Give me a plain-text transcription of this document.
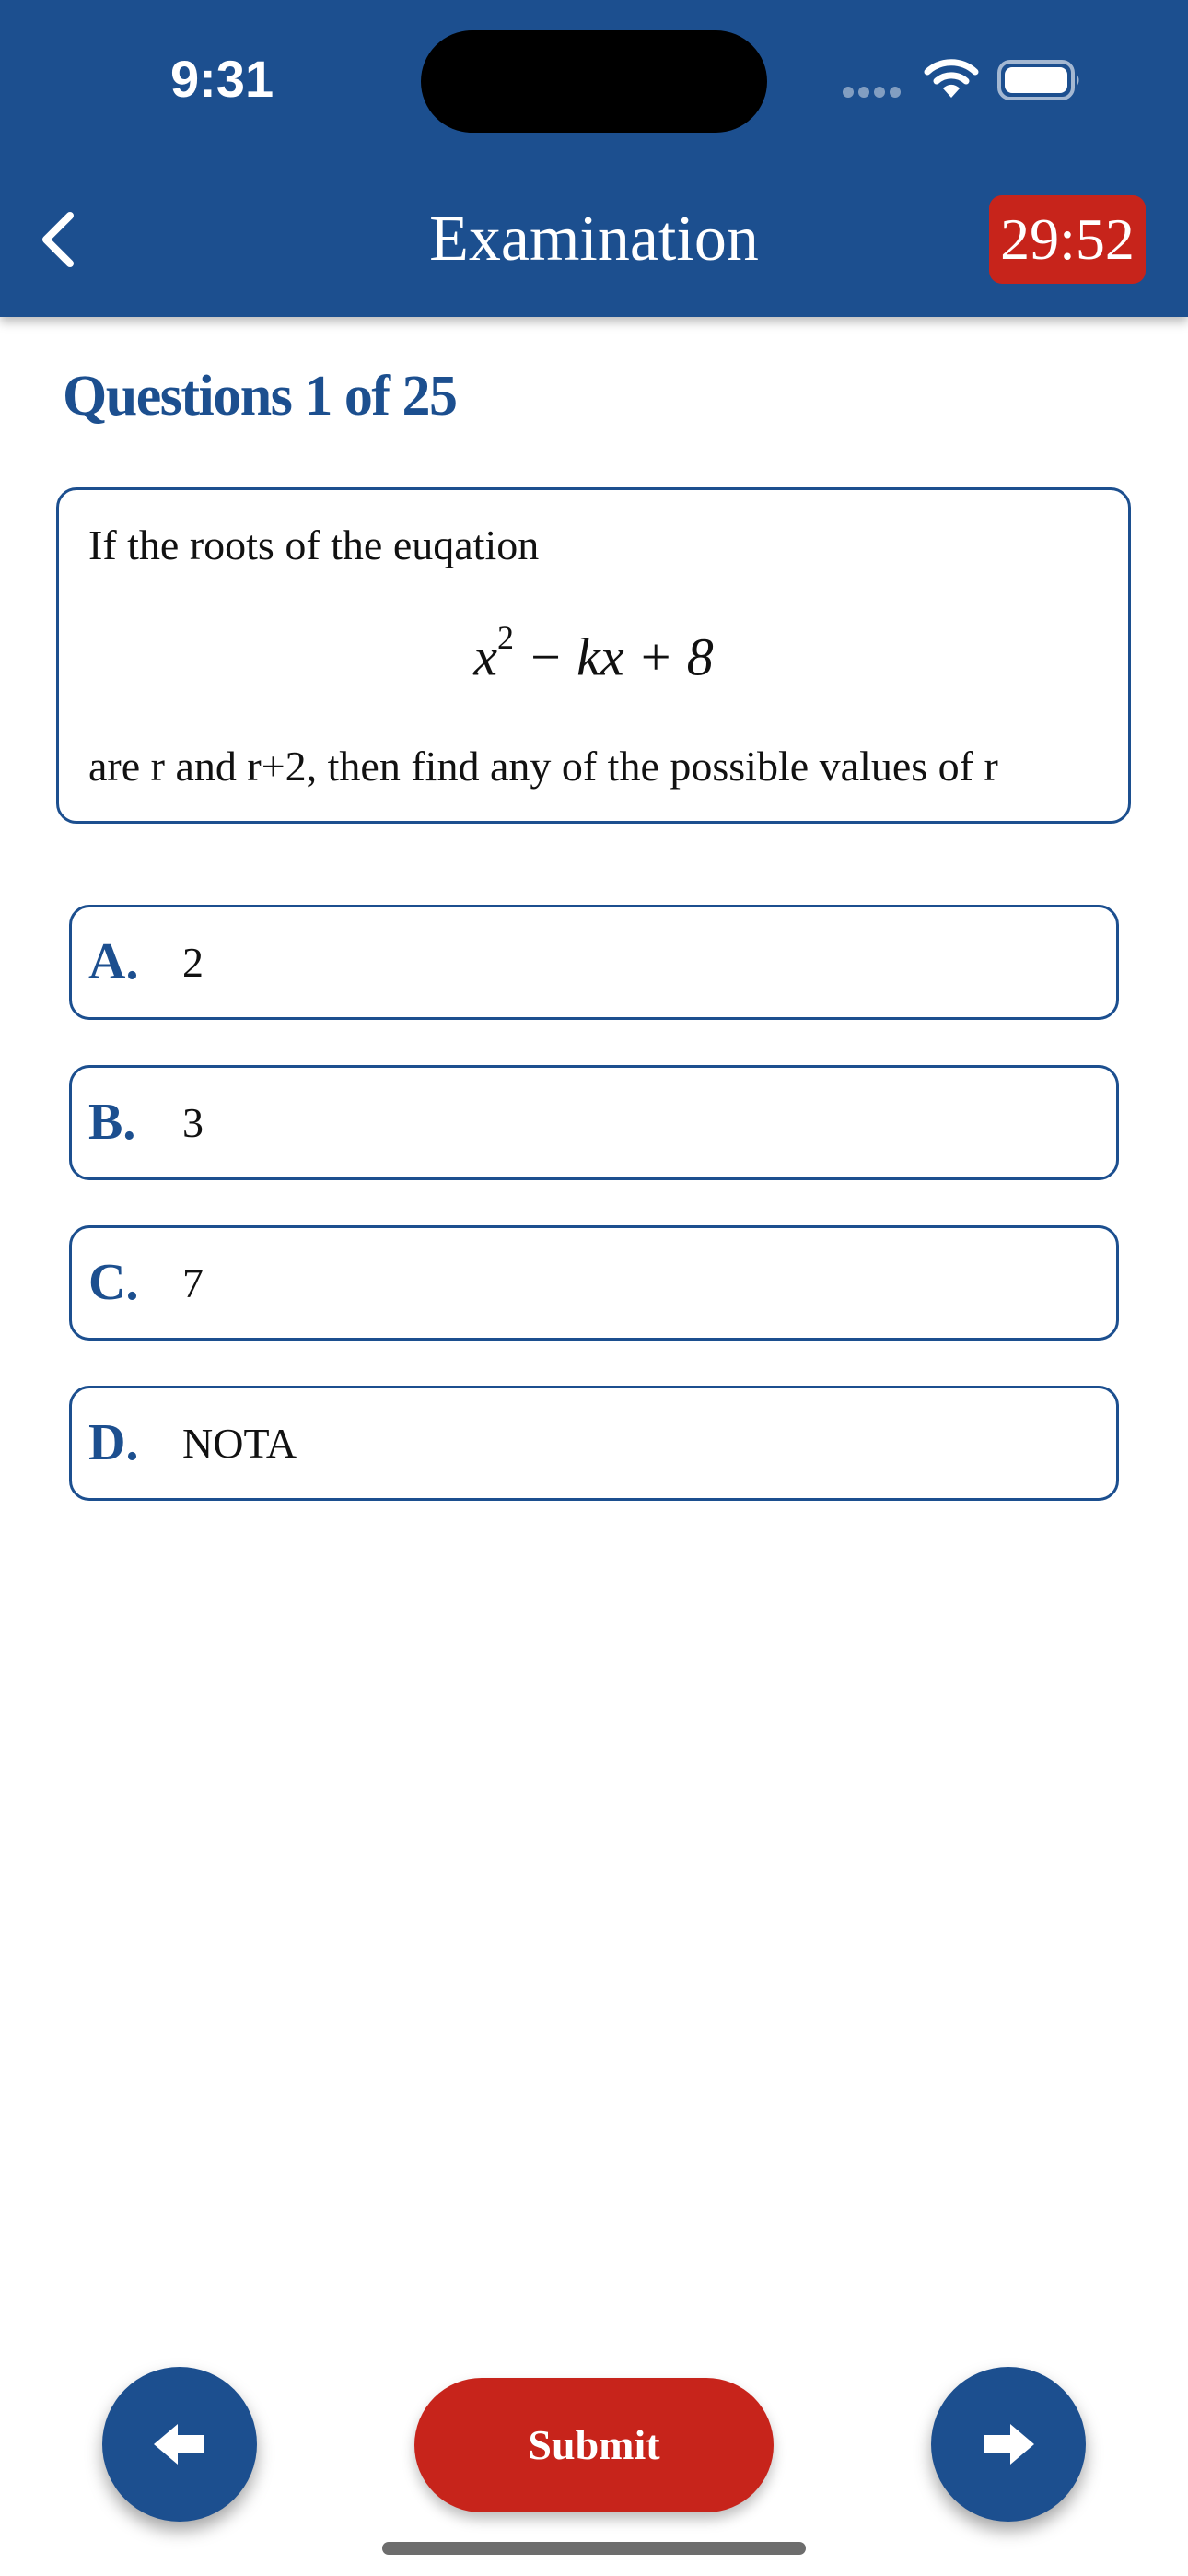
9:31
Examination	29:52
Questions 1 of 25
If the roots of the euqation
$x^2$ − kx + 8
are r and r+2, then find any of the possible values of r
A. 2
B. 3
C. 7
D. NOTA
Submit
